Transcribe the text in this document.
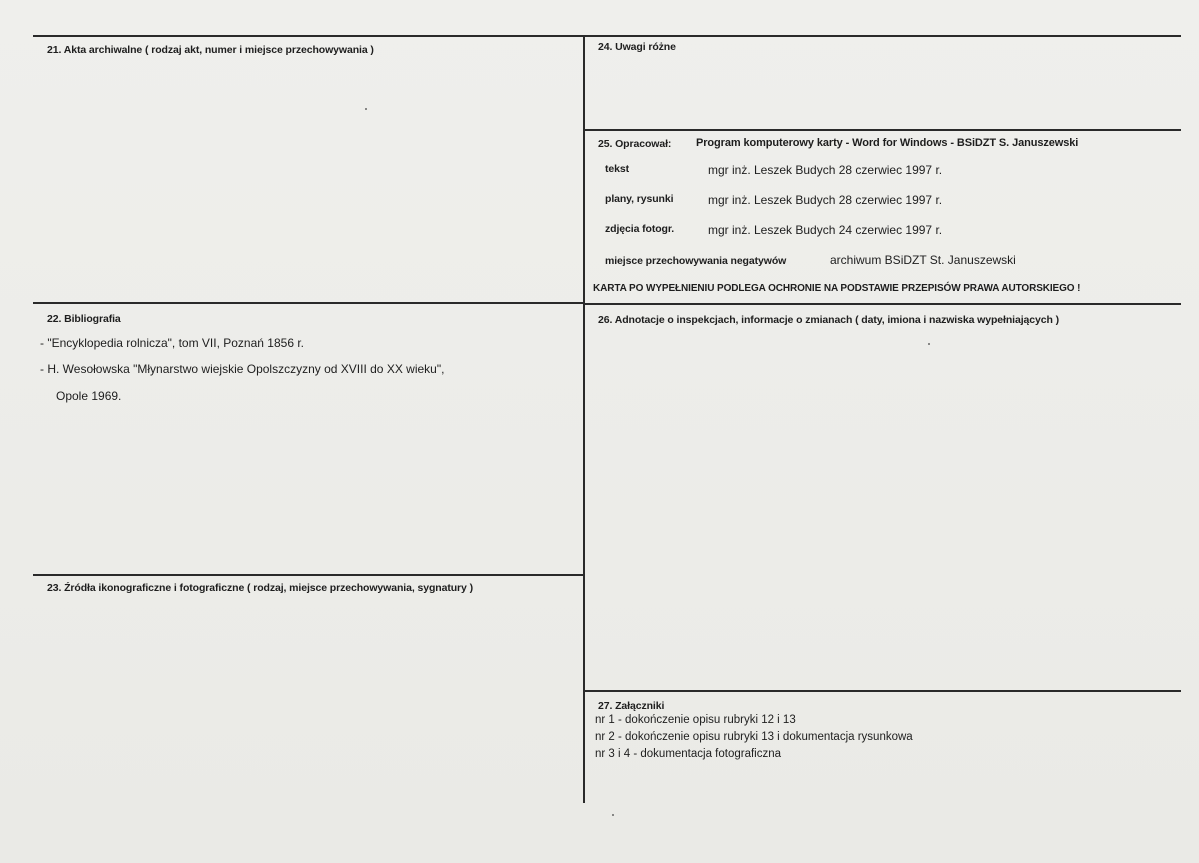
21. Akta archiwalne ( rodzaj akt, numer i miejsce przechowywania )
22. Bibliografia
- "Encyklopedia rolnicza", tom VII, Poznań 1856 r.
- H. Wesołowska "Młynarstwo wiejskie Opolszczyzny od XVIII do XX wieku",
Opole 1969.
23. Źródła ikonograficzne i fotograficzne ( rodzaj, miejsce przechowywania, sygnatury )
24. Uwagi różne
25. Opracował: Program komputerowy karty - Word for Windows - BSiDZT S. Januszewski
tekst	mgr inż. Leszek Budych 28 czerwiec 1997 r.
plany, rysunki	mgr inż. Leszek Budych 28 czerwiec 1997 r.
zdjęcia fotogr.	mgr inż. Leszek Budych 24 czerwiec 1997 r.
miejsce przechowywania negatywów	archiwum BSiDZT St. Januszewski
KARTA PO WYPEŁNIENIU PODLEGA OCHRONIE NA PODSTAWIE PRZEPISÓW PRAWA AUTORSKIEGO !
26. Adnotacje o inspekcjach, informacje o zmianach ( daty, imiona i nazwiska wypełniających )
27. Załączniki
nr 1 - dokończenie opisu rubryki 12 i 13
nr 2 - dokończenie opisu rubryki 13 i dokumentacja rysunkowa
nr 3 i 4 - dokumentacja fotograficzna
